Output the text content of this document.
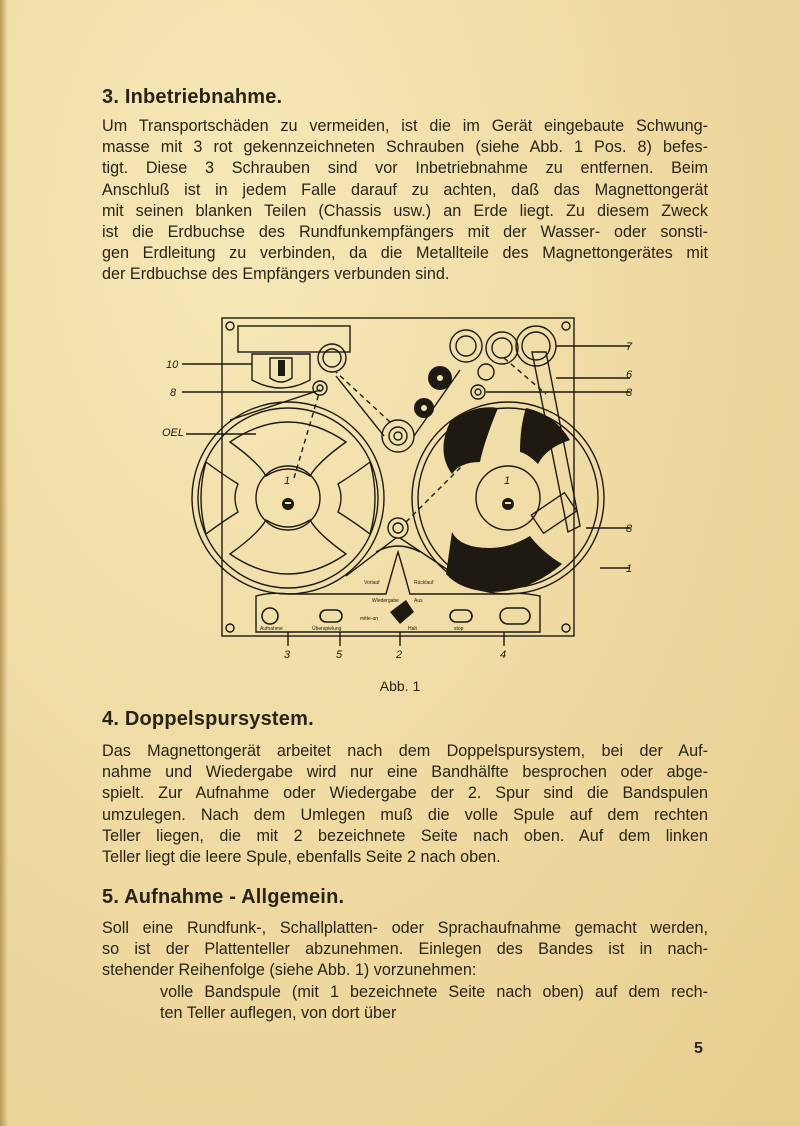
3. Inbetriebnahme.
Um Transportschäden zu vermeiden, ist die im Gerät eingebaute Schwung-
masse mit 3 rot gekennzeichneten Schrauben (siehe Abb. 1 Pos. 8) befes-
tigt. Diese 3 Schrauben sind vor Inbetriebnahme zu entfernen. Beim
Anschluß ist in jedem Falle darauf zu achten, daß das Magnettongerät
mit seinen blanken Teilen (Chassis usw.) an Erde liegt. Zu diesem Zweck
ist die Erdbuchse des Rundfunkempfängers mit der Wasser- oder sonsti-
gen Erdleitung zu verbinden, da die Metallteile des Magnettongerätes mit
der Erdbuchse des Empfängers verbunden sind.
1	1
10
8
OEL
7
6
8
8
1
3	5	2	4
Vorlauf	Rücklauf
Wiedergabe	Aus
mitte-an
Aufnahme	Überspielung	Halt	stop
Abb. 1
4. Doppelspursystem.
Das Magnettongerät arbeitet nach dem Doppelspursystem, bei der Auf-
nahme und Wiedergabe wird nur eine Bandhälfte besprochen oder abge-
spielt. Zur Aufnahme oder Wiedergabe der 2. Spur sind die Bandspulen
umzulegen. Nach dem Umlegen muß die volle Spule auf dem rechten
Teller liegen, die mit 2 bezeichnete Seite nach oben. Auf dem linken
Teller liegt die leere Spule, ebenfalls Seite 2 nach oben.
5. Aufnahme - Allgemein.
Soll eine Rundfunk-, Schallplatten- oder Sprachaufnahme gemacht werden,
so ist der Plattenteller abzunehmen. Einlegen des Bandes ist in nach-
stehender Reihenfolge (siehe Abb. 1) vorzunehmen:
volle Bandspule (mit 1 bezeichnete Seite nach oben) auf dem rech-
ten Teller auflegen, von dort über
5
